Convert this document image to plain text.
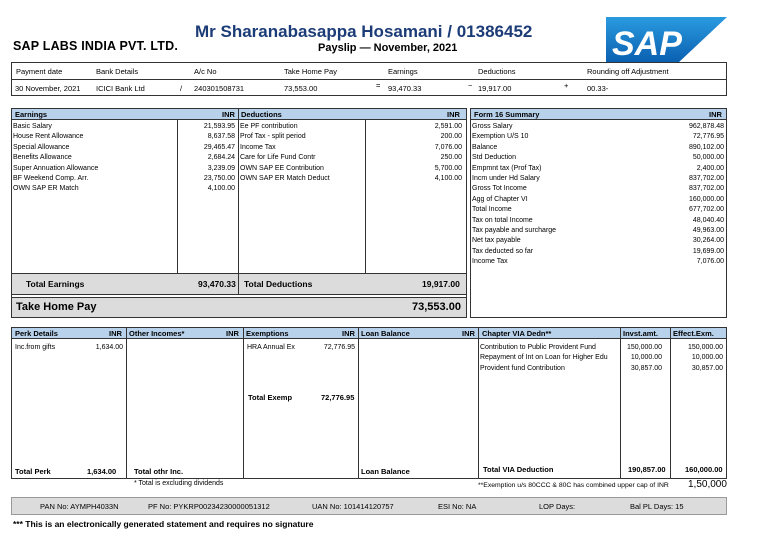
SAP LABS INDIA PVT. LTD.
Mr Sharanabasappa Hosamani / 01386452
Payslip — November, 2021	SAP
Payment date	Bank Details	A/c No	Take Home Pay	Earnings	Deductions	Rounding off Adjustment
30 November, 2021 ICICI Bank Ltd	/ 240301508731	73,553.00	= 93,470.33	− 19,917.00	+ 00.33-
Earnings	INR Deductions	INR
Total Earnings	93,470.33 Total Deductions	19,917.00
Take Home Pay	73,553.00
Basic Salary	21,593.95
House Rent Allowance	8,637.58
Special Allowance	29,465.47
Benefits Allowance	2,684.24
Super Annuation Allowance	3,239.09
BF Weekend Comp. Arr.	23,750.00
OWN SAP ER Match	4,100.00
Ee PF contribution	2,591.00
Prof Tax - split period	200.00
Income Tax	7,076.00
Care for Life Fund Contr	250.00
OWN SAP EE Contribution	5,700.00
OWN SAP ER Match Deduct	4,100.00
Form 16 Summary	INR
Gross Salary	962,878.48
Exemption U/S 10	72,776.95
Balance	890,102.00
Std Deduction	50,000.00
Empmnt tax (Prof Tax)	2,400.00
Incm under Hd Salary	837,702.00
Gross Tot Income	837,702.00
Agg of Chapter VI	160,000.00
Total Income	677,702.00
Tax on total Income	48,040.40
Tax payable and surcharge	49,963.00
Net tax payable	30,264.00
Tax deducted so far	19,699.00
Income Tax	7,076.00
Perk Details	INR Other Incomes*	INR Exemptions	INR Loan Balance	INR Chapter VIA Dedn**	Invst.amt. Effect.Exm.
Total Perk	1,634.00 Total othr Inc.
Total Exemp	72,776.95
Loan Balance	Total VIA Deduction	190,857.00	160,000.00
Inc.from gifts	1,634.00	HRA Annual Ex	72,776.95	Contribution to Public Provident Fund	150,000.00	150,000.00
Repayment of Int on Loan for Higher Edu	10,000.00	10,000.00
Provident fund Contribution	30,857.00	30,857.00
* Total is excluding dividends	**Exemption u/s 80CCC & 80C has combined upper cap of INR 1,50,000
PAN No: AYMPH4033N	PF No: PYKRP00234230000051312	UAN No: 101414120757	ESI No: NA	LOP Days:	Bal PL Days: 15
*** This is an electronically generated statement and requires no signature
